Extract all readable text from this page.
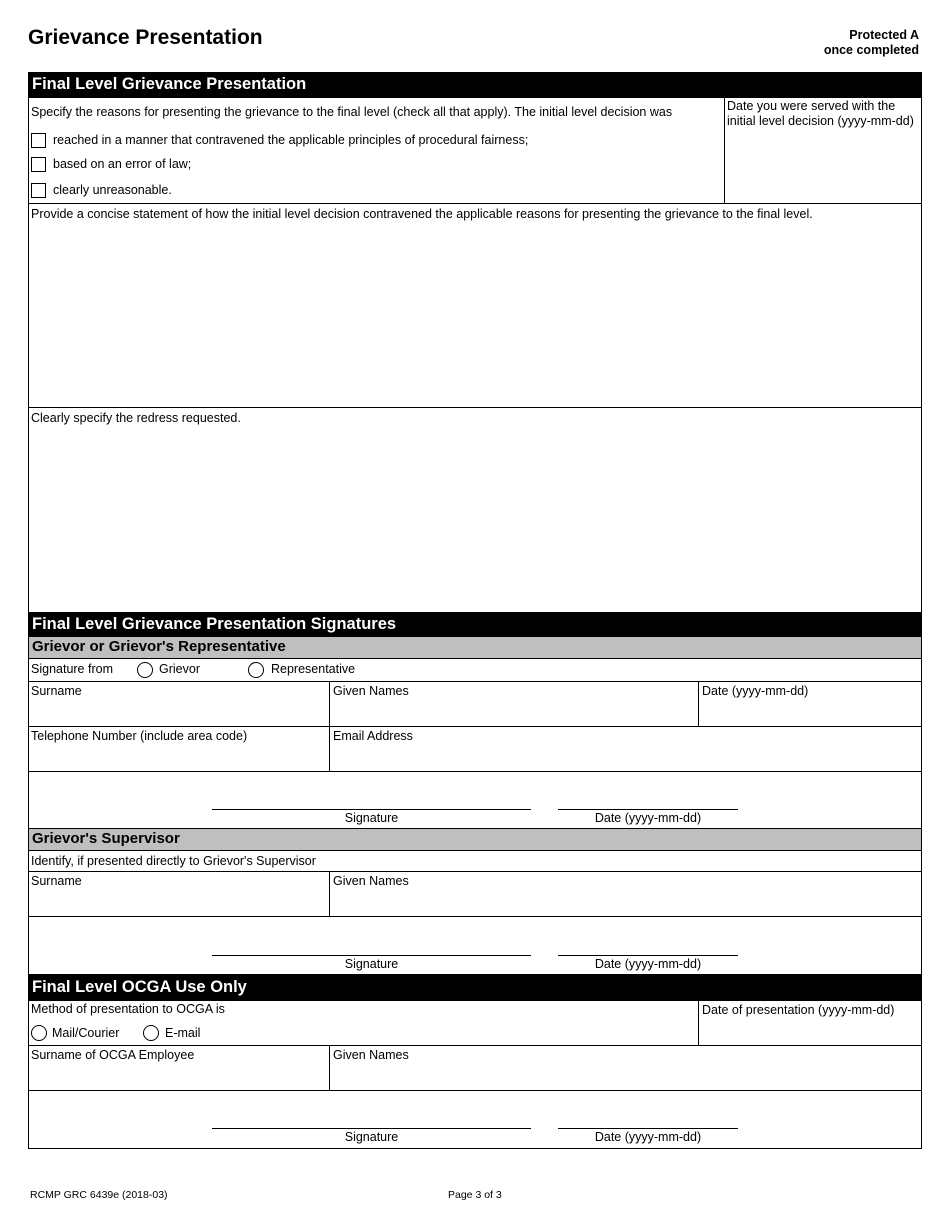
Grievance Presentation	Protected A
once completed
Final Level Grievance Presentation
Specify the reasons for presenting the grievance to the final level (check all that apply). The initial level decision was
reached in a manner that contravened the applicable principles of procedural fairness;
based on an error of law;
clearly unreasonable.
Date you were served with the initial level decision (yyyy-mm-dd)
Provide a concise statement of how the initial level decision contravened the applicable reasons for presenting the grievance to the final level.
Clearly specify the redress requested.
Final Level Grievance Presentation Signatures
Grievor or Grievor's Representative
Signature from	Grievor	Representative
Surname	Given Names	Date (yyyy-mm-dd)
Telephone Number (include area code)	Email Address
Signature	Date (yyyy-mm-dd)
Grievor's Supervisor
Identify, if presented directly to Grievor's Supervisor
Surname	Given Names
Signature	Date (yyyy-mm-dd)
Final Level OCGA Use Only
Method of presentation to OCGA is
Mail/Courier	E-mail
Date of presentation (yyyy-mm-dd)
Surname of OCGA Employee	Given Names
Signature	Date (yyyy-mm-dd)
RCMP GRC 6439e (2018-03)	Page 3 of 3
